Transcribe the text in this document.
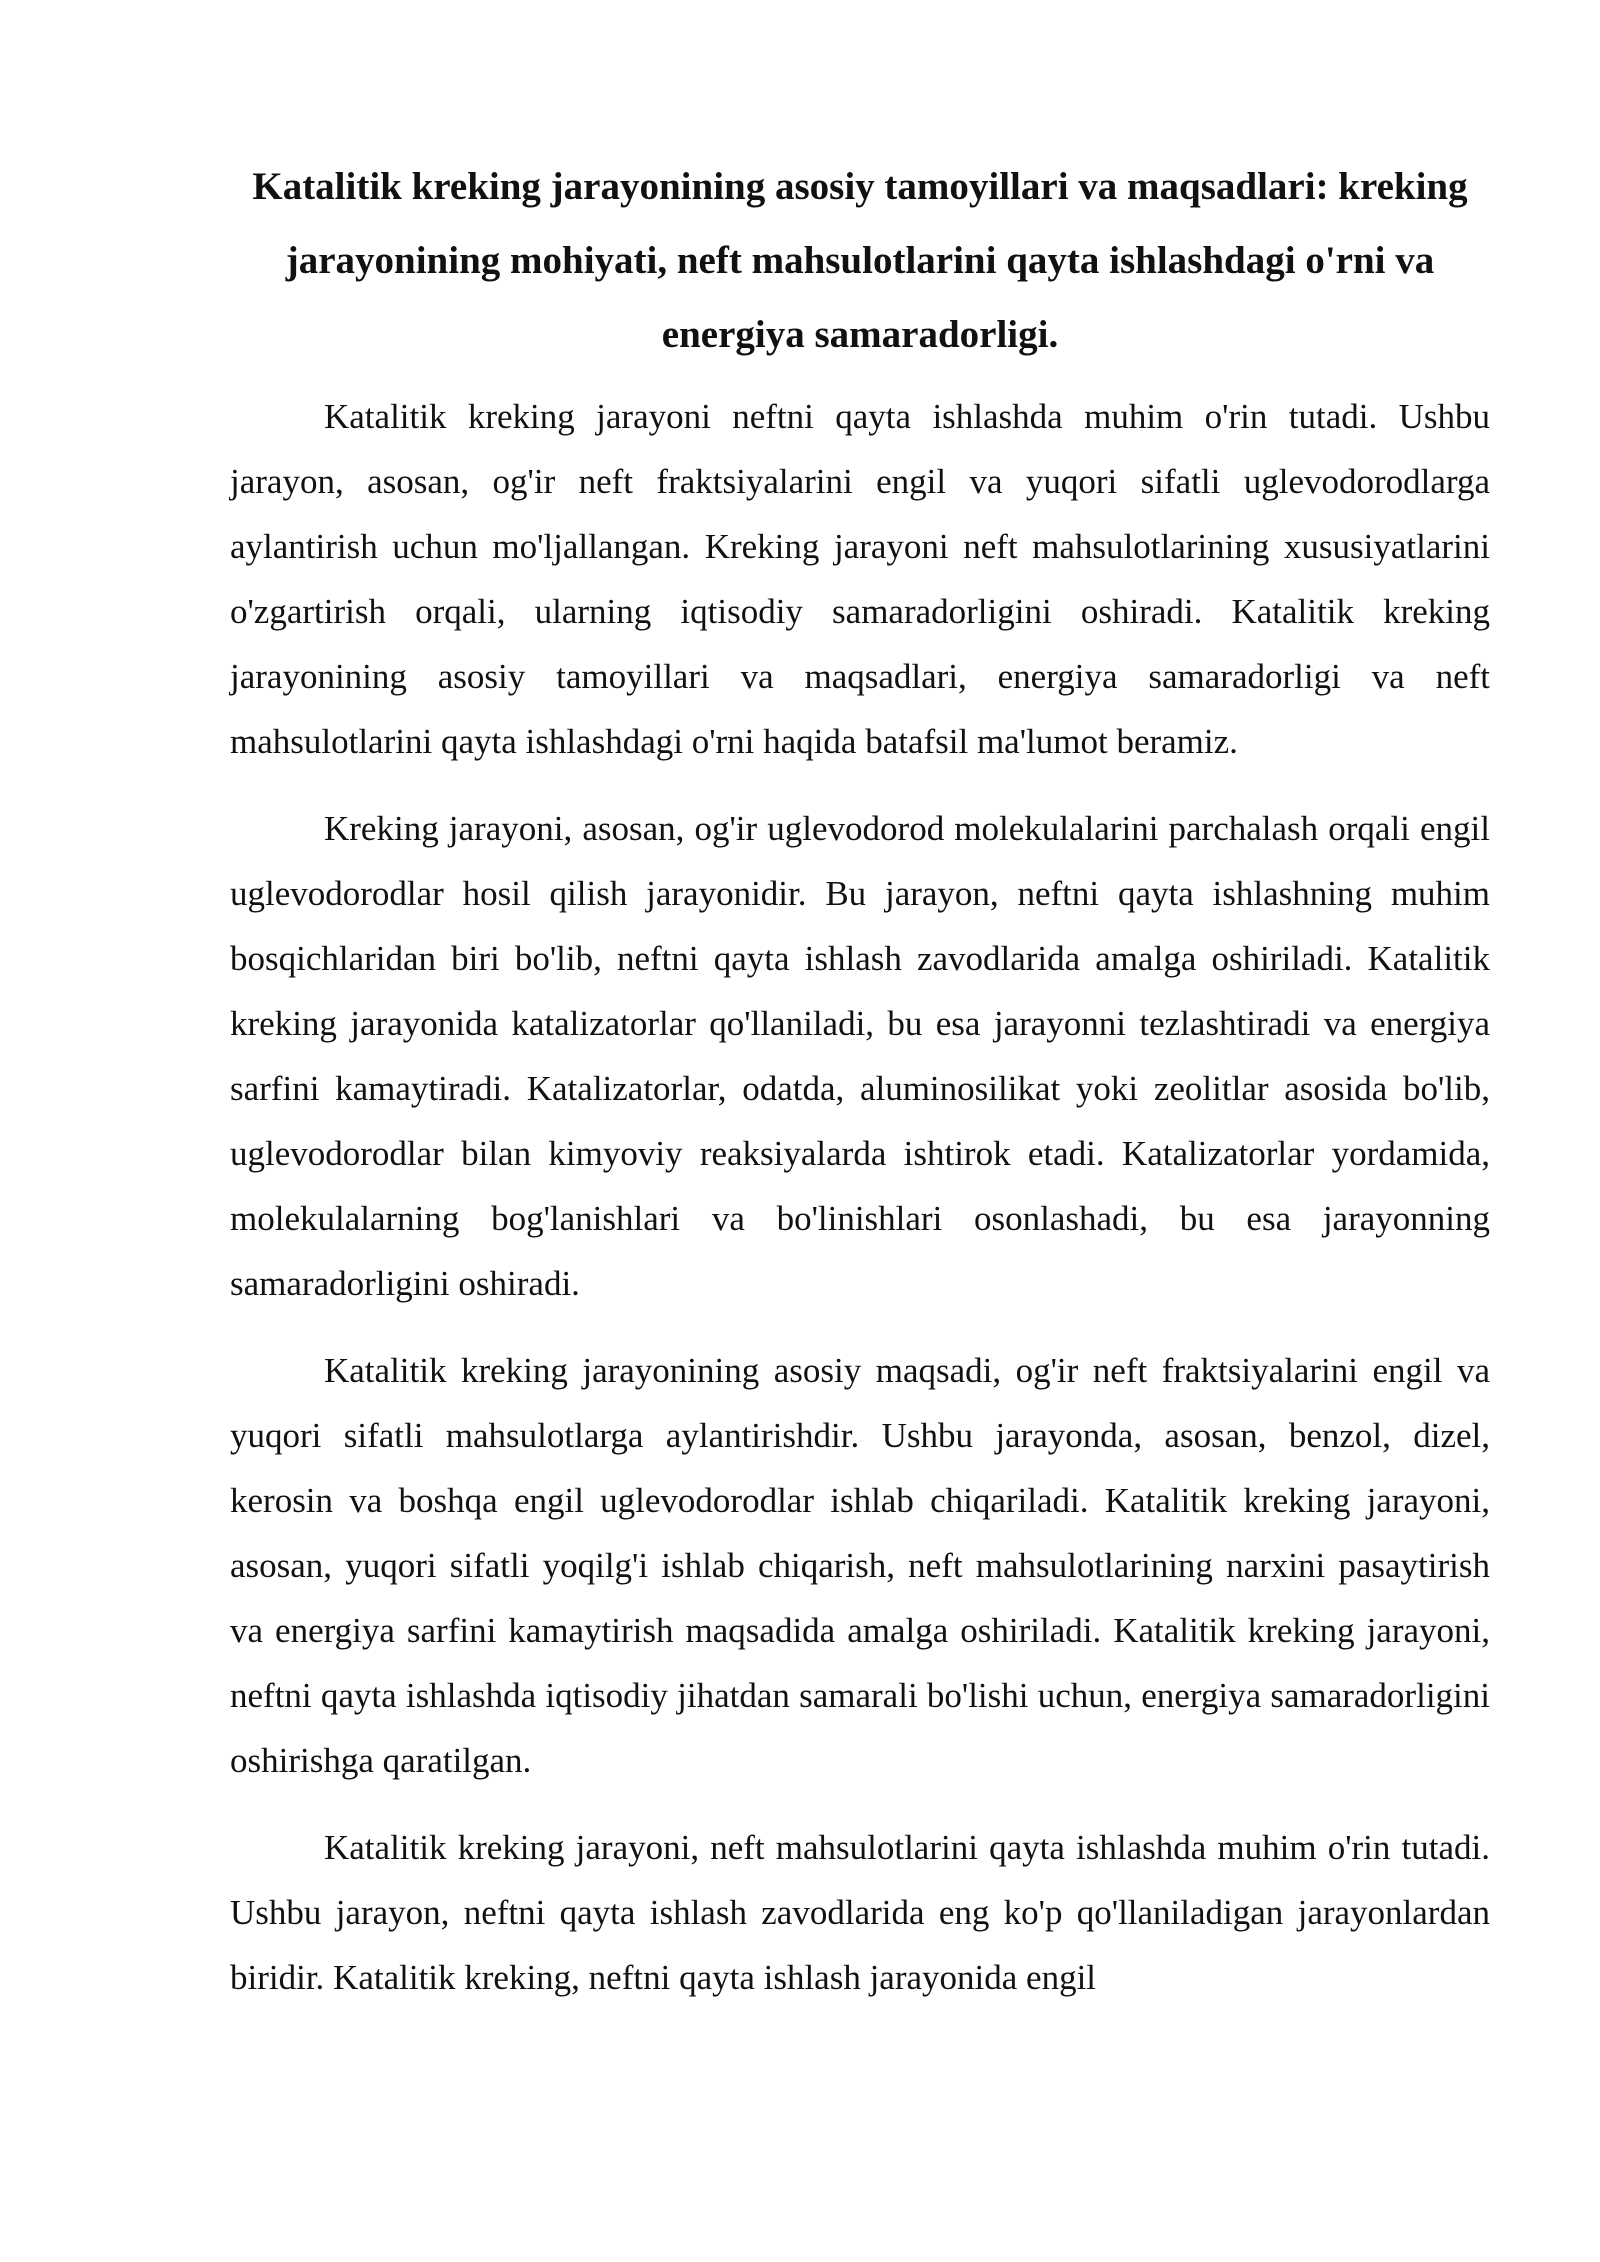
Katalitik kreking jarayonining asosiy tamoyillari va maqsadlari: kreking jarayonining mohiyati, neft mahsulotlarini qayta ishlashdagi o'rni va energiya samaradorligi.

Katalitik kreking jarayoni neftni qayta ishlashda muhim o'rin tutadi. Ushbu jarayon, asosan, og'ir neft fraktsiyalarini engil va yuqori sifatli uglevodorodlarga aylantirish uchun mo'ljallangan. Kreking jarayoni neft mahsulotlarining xususiyatlarini o'zgartirish orqali, ularning iqtisodiy samaradorligini oshiradi. Katalitik kreking jarayonining asosiy tamoyillari va maqsadlari, energiya samaradorligi va neft mahsulotlarini qayta ishlashdagi o'rni haqida batafsil ma'lumot beramiz.

Kreking jarayoni, asosan, og'ir uglevodorod molekulalarini parchalash orqali engil uglevodorodlar hosil qilish jarayonidir. Bu jarayon, neftni qayta ishlashning muhim bosqichlaridan biri bo'lib, neftni qayta ishlash zavodlarida amalga oshiriladi. Katalitik kreking jarayonida katalizatorlar qo'llaniladi, bu esa jarayonni tezlashtiradi va energiya sarfini kamaytiradi. Katalizatorlar, odatda, aluminosilikat yoki zeolitlar asosida bo'lib, uglevodorodlar bilan kimyoviy reaksiyalarda ishtirok etadi. Katalizatorlar yordamida, molekulalarning bog'lanishlari va bo'linishlari osonlashadi, bu esa jarayonning samaradorligini oshiradi.

Katalitik kreking jarayonining asosiy maqsadi, og'ir neft fraktsiyalarini engil va yuqori sifatli mahsulotlarga aylantirishdir. Ushbu jarayonda, asosan, benzol, dizel, kerosin va boshqa engil uglevodorodlar ishlab chiqariladi. Katalitik kreking jarayoni, asosan, yuqori sifatli yoqilg'i ishlab chiqarish, neft mahsulotlarining narxini pasaytirish va energiya sarfini kamaytirish maqsadida amalga oshiriladi. Katalitik kreking jarayoni, neftni qayta ishlashda iqtisodiy jihatdan samarali bo'lishi uchun, energiya samaradorligini oshirishga qaratilgan.

Katalitik kreking jarayoni, neft mahsulotlarini qayta ishlashda muhim o'rin tutadi. Ushbu jarayon, neftni qayta ishlash zavodlarida eng ko'p qo'llaniladigan jarayonlardan biridir. Katalitik kreking, neftni qayta ishlash jarayonida engil
